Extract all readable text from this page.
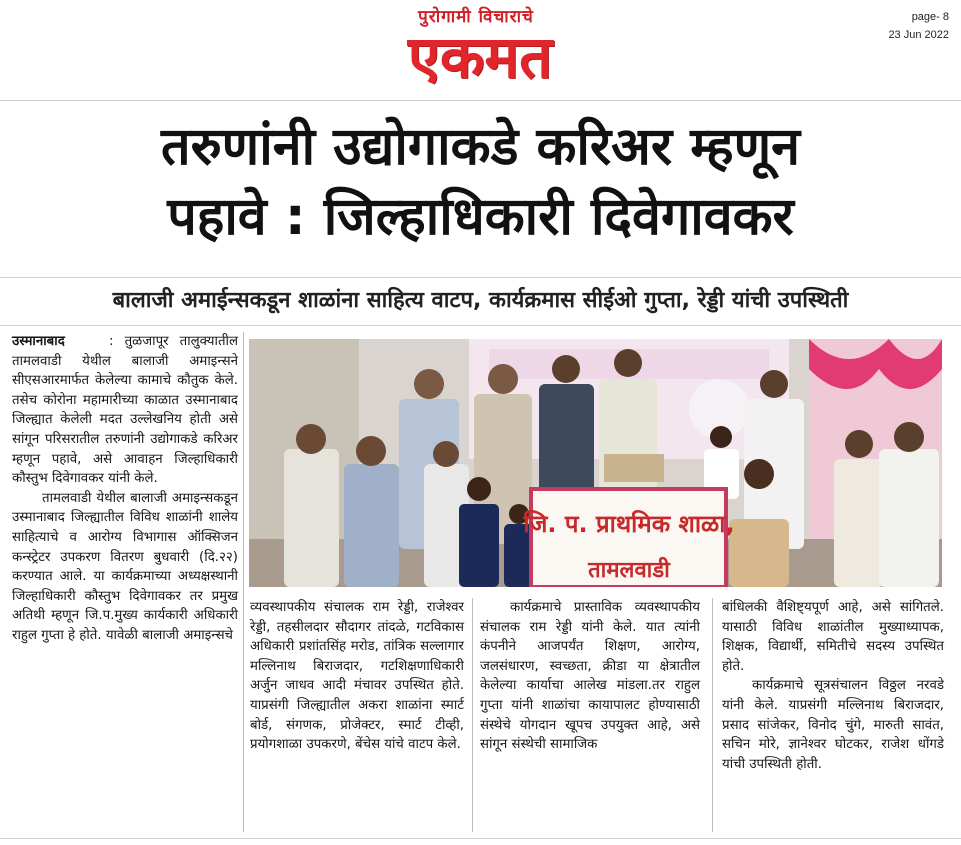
पुरोगामी विचाराचे
एकमत
page- 8
23 Jun 2022
तरुणांनी उद्योगाकडे करिअर म्हणून
पहावे : जिल्हाधिकारी दिवेगावकर
बालाजी अमाईन्सकडून शाळांना साहित्य वाटप, कार्यक्रमास सीईओ गुप्ता, रेड्डी यांची उपस्थिती

उस्मानाबाद	: तुळजापूर तालुक्यातील तामलवाडी येथील बालाजी अमाइन्सने सीएसआरमार्फत केलेल्या कामाचे कौतुक केले. तसेच कोरोना महामारीच्या काळात उस्मानाबाद जिल्ह्यात केलेली मदत उल्लेखनिय होती असे सांगून परिसरातील तरुणांनी उद्योगाकडे करिअर म्हणून पहावे, असे आवाहन जिल्हाधिकारी कौस्तुभ दिवेगावकर यांनी केले.

तामलवाडी येथील बालाजी अमाइन्सकडून उस्मानाबाद जिल्ह्यातील विविध शाळांनी शालेय साहित्याचे व आरोग्य विभागास ऑक्सिजन कन्स्ट्रेटर उपकरण वितरण बुधवारी (दि.२२) करण्यात आले. या कार्यक्रमाच्या अध्यक्षस्थानी जिल्हाधिकारी कौस्तुभ दिवेगावकर तर प्रमुख अतिथी म्हणून जि.प.मुख्य कार्यकारी अधिकारी राहुल गुप्ता हे होते. यावेळी बालाजी अमाइन्सचे

जि. प. प्राथमिक शाळा,
तामलवाडी

व्यवस्थापकीय संचालक राम रेड्डी, राजेश्वर रेड्डी, तहसीलदार सौदागर तांदळे, गटविकास अधिकारी प्रशांतसिंह मरोड, तांत्रिक सल्लागार मल्लिनाथ बिराजदार, गटशिक्षणाधिकारी अर्जुन जाधव आदी मंचावर उपस्थित होते. याप्रसंगी जिल्ह्यातील अकरा शाळांना स्मार्ट बोर्ड, संगणक, प्रोजेक्टर, स्मार्ट टीव्ही, प्रयोगशाळा उपकरणे, बेंचेस यांचे वाटप केले.

कार्यक्रमाचे प्रास्ताविक व्यवस्थापकीय संचालक राम रेड्डी यांनी केले. यात त्यांनी कंपनीने आजपर्यंत शिक्षण, आरोग्य, जलसंधारण, स्वच्छता, क्रीडा या क्षेत्रातील केलेल्या कार्याचा आलेख मांडला.तर राहुल गुप्ता यांनी शाळांचा कायापालट होण्यासाठी संस्थेचे योगदान खूपच उपयुक्त आहे, असे सांगून संस्थेची सामाजिक

बांधिलकी वैशिष्ट्यपूर्ण आहे, असे सांगितले. यासाठी विविध शाळांतील मुख्याध्यापक, शिक्षक, विद्यार्थी, समितीचे सदस्य उपस्थित होते.

कार्यक्रमाचे सूत्रसंचालन विठ्ठल नरवडे यांनी केले. याप्रसंगी मल्लिनाथ बिराजदार, प्रसाद सांजेकर, विनोद चुंगे, मारुती सावंत, सचिन मोरे, ज्ञानेश्वर घोटकर, राजेश धोंगडे यांची उपस्थिती होती.
